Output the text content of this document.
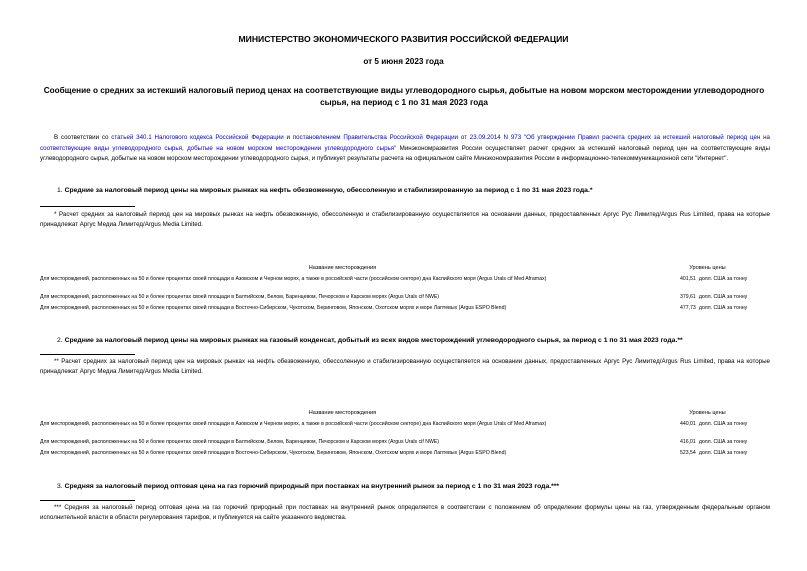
МИНИСТЕРСТВО ЭКОНОМИЧЕСКОГО РАЗВИТИЯ РОССИЙСКОЙ ФЕДЕРАЦИИ
от 5 июня 2023 года
Сообщение о средних за истекший налоговый период ценах на соответствующие виды углеводородного сырья, добытые на новом морском месторождении углеводородного сырья, на период с 1 по 31 мая 2023 года
В соответствии со статьей 340.1 Налогового кодекса Российской Федерации и постановлением Правительства Российской Федерации от 23.09.2014 N 973 "Об утверждении Правил расчета средних за истекший налоговый период цен на соответствующие виды углеводородного сырья, добытые на новом морском месторождении углеводородного сырья" Минэкономразвития России осуществляет расчет средних за истекший налоговый период цен на соответствующие виды углеводородного сырья, добытые на новом морском месторождении углеводородного сырья, и публикует результаты расчета на официальном сайте Минэкономразвития России в информационно-телекоммуникационной сети "Интернет".
1. Средние за налоговый период цены на мировых рынках на нефть обезвоженную, обессоленную и стабилизированную за период с 1 по 31 мая 2023 года.*
* Расчет средних за налоговый период цен на мировых рынках на нефть обезвоженную, обессоленную и стабилизированную осуществляется на основании данных, предоставленных Аргус Рус Лимитед/Argus Rus Limited, права на которые принадлежат Аргус Медиа Лимитед/Argus Media Limited.
Название месторождения	Уровень цены	
Для месторождений, расположенных на 50 и более процентах своей площади в Азовском и Черном морях, а также в российской части (российском секторе) дна Каспийского моря (Argus Urals cif Med Aframax)	401,51	долл. США за тонну
Для месторождений, расположенных на 50 и более процентах своей площади в Балтийском, Белом, Баренцевом, Печорском и Карском морях (Argus Urals cif NWE)	379,61	долл. США за тонну
Для месторождений, расположенных на 50 и более процентах своей площади в Восточно-Сибирском, Чукотском, Беринговом, Японском, Охотском морях и море Лаптевых (Argus ESPO Blend)	477,73	долл. США за тонну
2. Средние за налоговый период цены на мировых рынках на газовый конденсат, добытый из всех видов месторождений углеводородного сырья, за период с 1 по 31 мая 2023 года.**
** Расчет средних за налоговый период цен на мировых рынках на нефть обезвоженную, обессоленную и стабилизированную осуществляется на основании данных, предоставленных Аргус Рус Лимитед/Argus Rus Limited, права на которые принадлежат Аргус Медиа Лимитед/Argus Media Limited.
Название месторождения	Уровень цены	
Для месторождений, расположенных на 50 и более процентах своей площади в Азовском и Черном морях, а также в российской части (российском секторе) дна Каспийского моря (Argus Urals cif Med Aframax)	440,01	долл. США за тонну
Для месторождений, расположенных на 50 и более процентах своей площади в Балтийском, Белом, Баренцевом, Печорском и Карском морях (Argus Urals cif NWE)	416,01	долл. США за тонну
Для месторождений, расположенных на 50 и более процентах своей площади в Восточно-Сибирском, Чукотском, Беринговом, Японском, Охотском морях и море Лаптевых (Argus ESPO Blend)	523,54	долл. США за тонну
3. Средняя за налоговый период оптовая цена на газ горючий природный при поставках на внутренний рынок за период с 1 по 31 мая 2023 года.***
*** Средняя за налоговый период оптовая цена на газ горючий природный при поставках на внутренний рынок определяется в соответствии с положением об определении формулы цены на газ, утвержденным федеральным органом исполнительной власти в области регулирования тарифов, и публикуется на сайте указанного ведомства.
